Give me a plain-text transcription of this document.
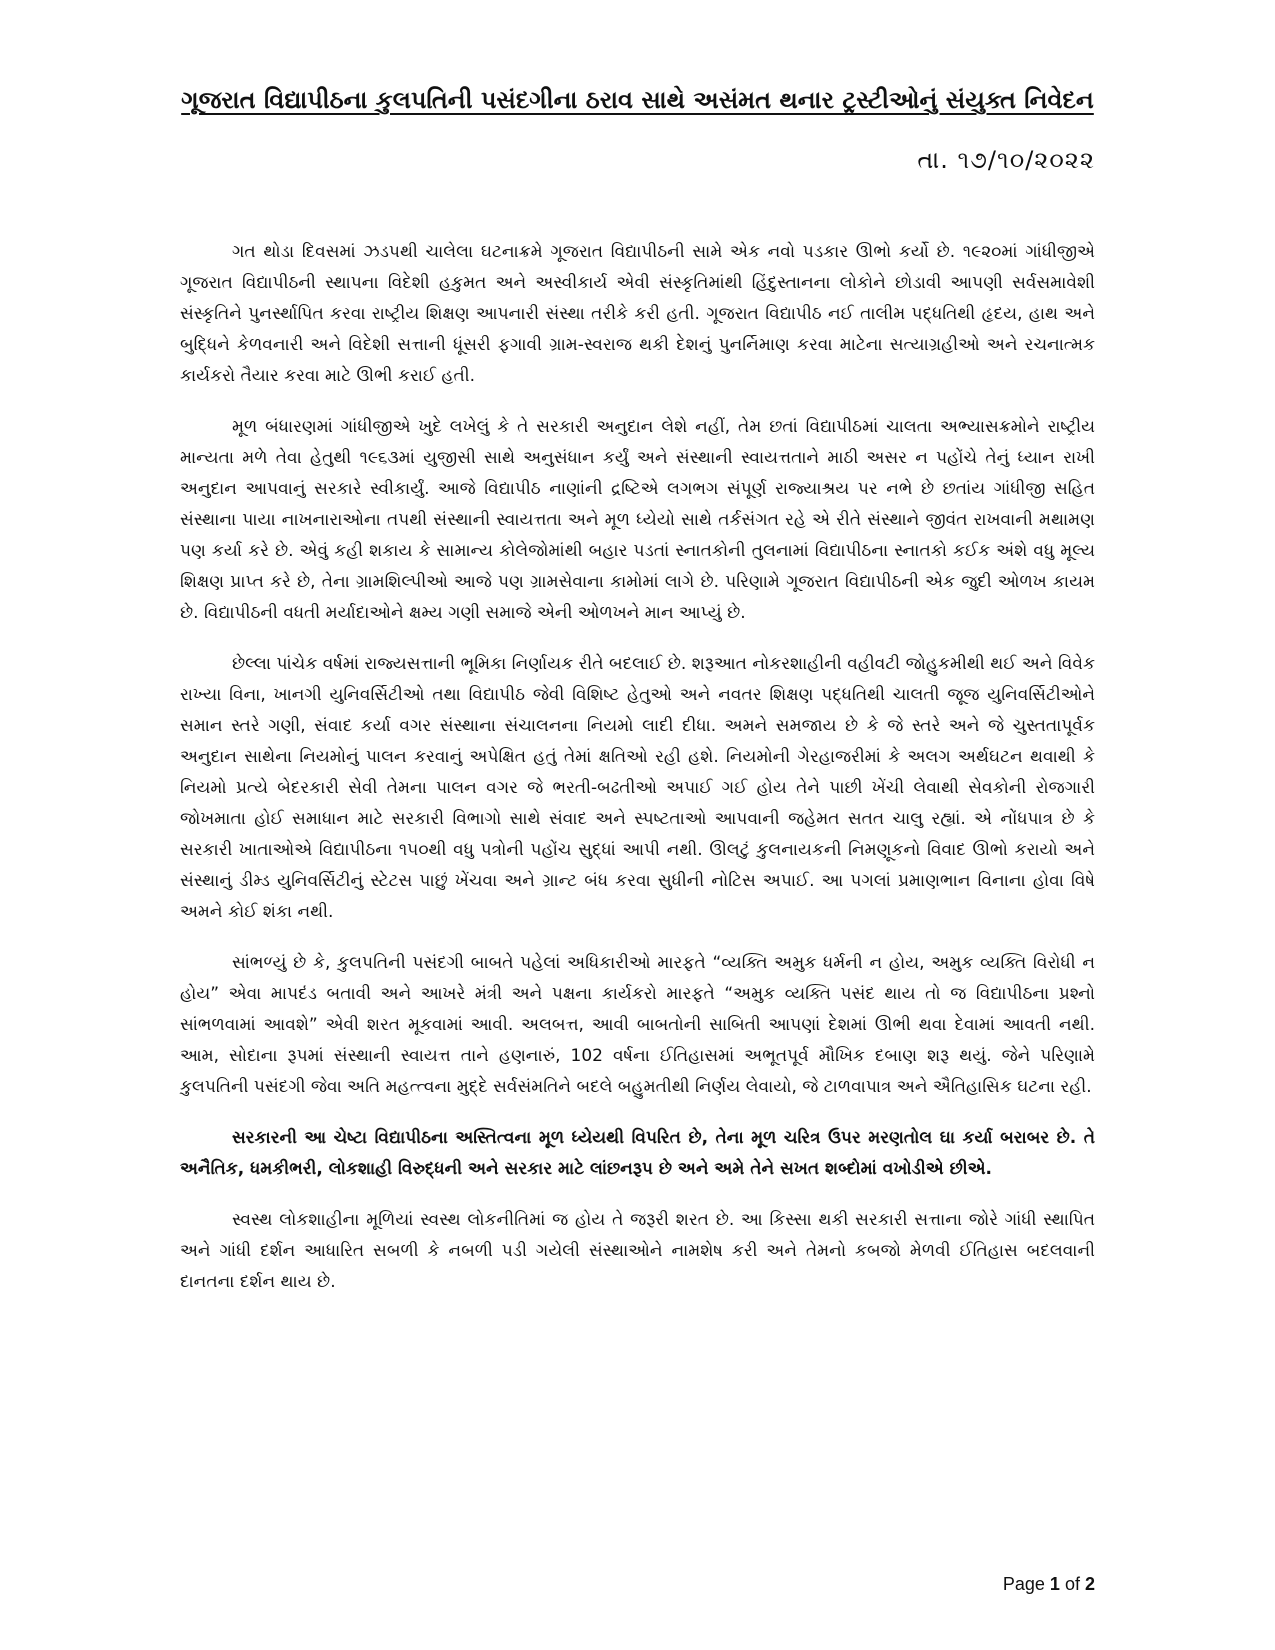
ગૂજરાત વિદ્યાપીઠના કુલપતિની પસંદગીના ઠરાવ સાથે અસંમત થનાર ટ્રસ્ટીઓનું સંયુક્ત નિવેદન
તા. ૧૭/૧૦/૨૦૨૨

ગત થોડા દિવસમાં ઝડપથી ચાલેલા ઘટનાક્રમે ગૂજરાત વિદ્યાપીઠની સામે એક નવો પડકાર ઊભો કર્યો છે. ૧૯૨૦માં ગાંધીજીએ ગૂજરાત વિદ્યાપીઠની સ્થાપના વિદેશી હકુમત અને અસ્વીકાર્ય એવી સંસ્કૃતિમાંથી હિંદુસ્તાનના લોકોને છોડાવી આપણી સર્વસમાવેશી સંસ્કૃતિને પુનર્સ્થાપિત કરવા રાષ્ટ્રીય શિક્ષણ આપનારી સંસ્થા તરીકે કરી હતી. ગૂજરાત વિદ્યાપીઠ નઈ તાલીમ પદ્ધતિથી હૃદય, હાથ અને બુદ્ધિને કેળવનારી અને વિદેશી સત્તાની ધૂંસરી ફગાવી ગ્રામ-સ્વરાજ થકી દેશનું પુનર્નિમાણ કરવા માટેના સત્યાગ્રહીઓ અને રચનાત્મક કાર્યકરો તૈયાર કરવા માટે ઊભી કરાઈ હતી.

મૂળ બંધારણમાં ગાંધીજીએ ખુદે લખેલું કે તે સરકારી અનુદાન લેશે નહીં, તેમ છતાં વિદ્યાપીઠમાં ચાલતા અભ્યાસક્રમોને રાષ્ટ્રીય માન્યતા મળે તેવા હેતુથી ૧૯૬૩માં યુજીસી સાથે અનુસંધાન કર્યું અને સંસ્થાની સ્વાયત્તતાને માઠી અસર ન પહોંચે તેનું ધ્યાન રાખી અનુદાન આપવાનું સરકારે સ્વીકાર્યું. આજે વિદ્યાપીઠ નાણાંની દ્રષ્ટિએ લગભગ સંપૂર્ણ રાજ્યાશ્રય પર નભે છે છતાંય ગાંધીજી સહિત સંસ્થાના પાયા નાખનારાઓના તપથી સંસ્થાની સ્વાયત્તતા અને મૂળ ધ્યેયો સાથે તર્કસંગત રહે એ રીતે સંસ્થાને જીવંત રાખવાની મથામણ પણ કર્યા કરે છે. એવું કહી શકાય કે સામાન્ય કોલેજોમાંથી બહાર પડતાં સ્નાતકોની તુલનામાં વિદ્યાપીઠના સ્નાતકો કઈક અંશે વધુ મૂલ્ય શિક્ષણ પ્રાપ્ત કરે છે, તેના ગ્રામશિલ્પીઓ આજે પણ ગ્રામસેવાના કામોમાં લાગે છે. પરિણામે ગૂજરાત વિદ્યાપીઠની એક જુદી ઓળખ કાયમ છે. વિદ્યાપીઠની વધતી મર્યાદાઓને ક્ષમ્ય ગણી સમાજે એની ઓળખને માન આપ્યું છે.

છેલ્લા પાંચેક વર્ષમાં રાજ્યસત્તાની ભૂમિકા નિર્ણાયક રીતે બદલાઈ છે. શરૂઆત નોકરશાહીની વહીવટી જોહુકમીથી થઈ અને વિવેક રાખ્યા વિના, ખાનગી યુનિવર્સિટીઓ તથા વિદ્યાપીઠ જેવી વિશિષ્ટ હેતુઓ અને નવતર શિક્ષણ પદ્ધતિથી ચાલતી જૂજ યુનિવર્સિટીઓને સમાન સ્તરે ગણી, સંવાદ કર્યા વગર સંસ્થાના સંચાલનના નિયમો લાદી દીધા. અમને સમજાય છે કે જે સ્તરે અને જે ચુસ્તતાપૂર્વક અનુદાન સાથેના નિયમોનું પાલન કરવાનું અપેક્ષિત હતું તેમાં ક્ષતિઓ રહી હશે. નિયમોની ગેરહાજરીમાં કે અલગ અર્થઘટન થવાથી કે નિયમો પ્રત્યે બેદરકારી સેવી તેમના પાલન વગર જે ભરતી-બઢતીઓ અપાઈ ગઈ હોય તેને પાછી ખેંચી લેવાથી સેવકોની રોજગારી જોખમાતા હોઈ સમાધાન માટે સરકારી વિભાગો સાથે સંવાદ અને સ્પષ્ટતાઓ આપવાની જહેમત સતત ચાલુ રહ્યાં. એ નોંધપાત્ર છે કે સરકારી ખાતાઓએ વિદ્યાપીઠના ૧૫૦થી વધુ પત્રોની પહોંચ સુદ્ધાં આપી નથી. ઊલટું કુલનાયકની નિમણૂકનો વિવાદ ઊભો કરાયો અને સંસ્થાનું ડીમ્ડ યુનિવર્સિટીનું સ્ટેટસ પાછું ખેંચવા અને ગ્રાન્ટ બંધ કરવા સુધીની નોટિસ અપાઈ. આ પગલાં પ્રમાણભાન વિનાના હોવા વિષે અમને કોઈ શંકા નથી.

સાંભળ્યું છે કે, કુલપતિની પસંદગી બાબતે પહેલાં અધિકારીઓ મારફતે “વ્યક્તિ અમુક ધર્મની ન હોય, અમુક વ્યક્તિ વિરોધી ન હોય” એવા માપદંડ બતાવી અને આખરે મંત્રી અને પક્ષના કાર્યકરો મારફતે “અમુક વ્યક્તિ પસંદ થાય તો જ વિદ્યાપીઠના પ્રશ્નો સાંભળવામાં આવશે” એવી શરત મૂકવામાં આવી. અલબત્ત, આવી બાબતોની સાબિતી આપણાં દેશમાં ઊભી થવા દેવામાં આવતી નથી. આમ, સોદાના રૂપમાં સંસ્થાની સ્વાયત્ત તાને હણનારું, 102 વર્ષના ઈતિહાસમાં અભૂતપૂર્વ મૌખિક દબાણ શરૂ થયું. જેને પરિણામે કુલપતિની પસંદગી જેવા અતિ મહત્ત્વના મુદ્દે સર્વસંમતિને બદલે બહુમતીથી નિર્ણય લેવાયો, જે ટાળવાપાત્ર અને ઐતિહાસિક ઘટના રહી.

સરકારની આ ચેષ્ટા વિદ્યાપીઠના અસ્તિત્વના મૂળ ધ્યેયથી વિપરિત છે, તેના મૂળ ચરિત્ર ઉપર મરણતોલ ઘા કર્યા બરાબર છે. તે અનૈતિક, ધમકીભરી, લોકશાહી વિરુદ્ધની અને સરકાર માટે લાંછનરૂપ છે અને અમે તેને સખત શબ્દોમાં વખોડીએ છીએ.

સ્વસ્થ લોકશાહીના મૂળિયાં સ્વસ્થ લોકનીતિમાં જ હોય તે જરૂરી શરત છે. આ કિસ્સા થકી સરકારી સત્તાના જોરે ગાંધી સ્થાપિત અને ગાંધી દર્શન આધારિત સબળી કે નબળી પડી ગયેલી સંસ્થાઓને નામશેષ કરી અને તેમનો કબજો મેળવી ઈતિહાસ બદલવાની દાનતના દર્શન થાય છે.

Page 1 of 2
